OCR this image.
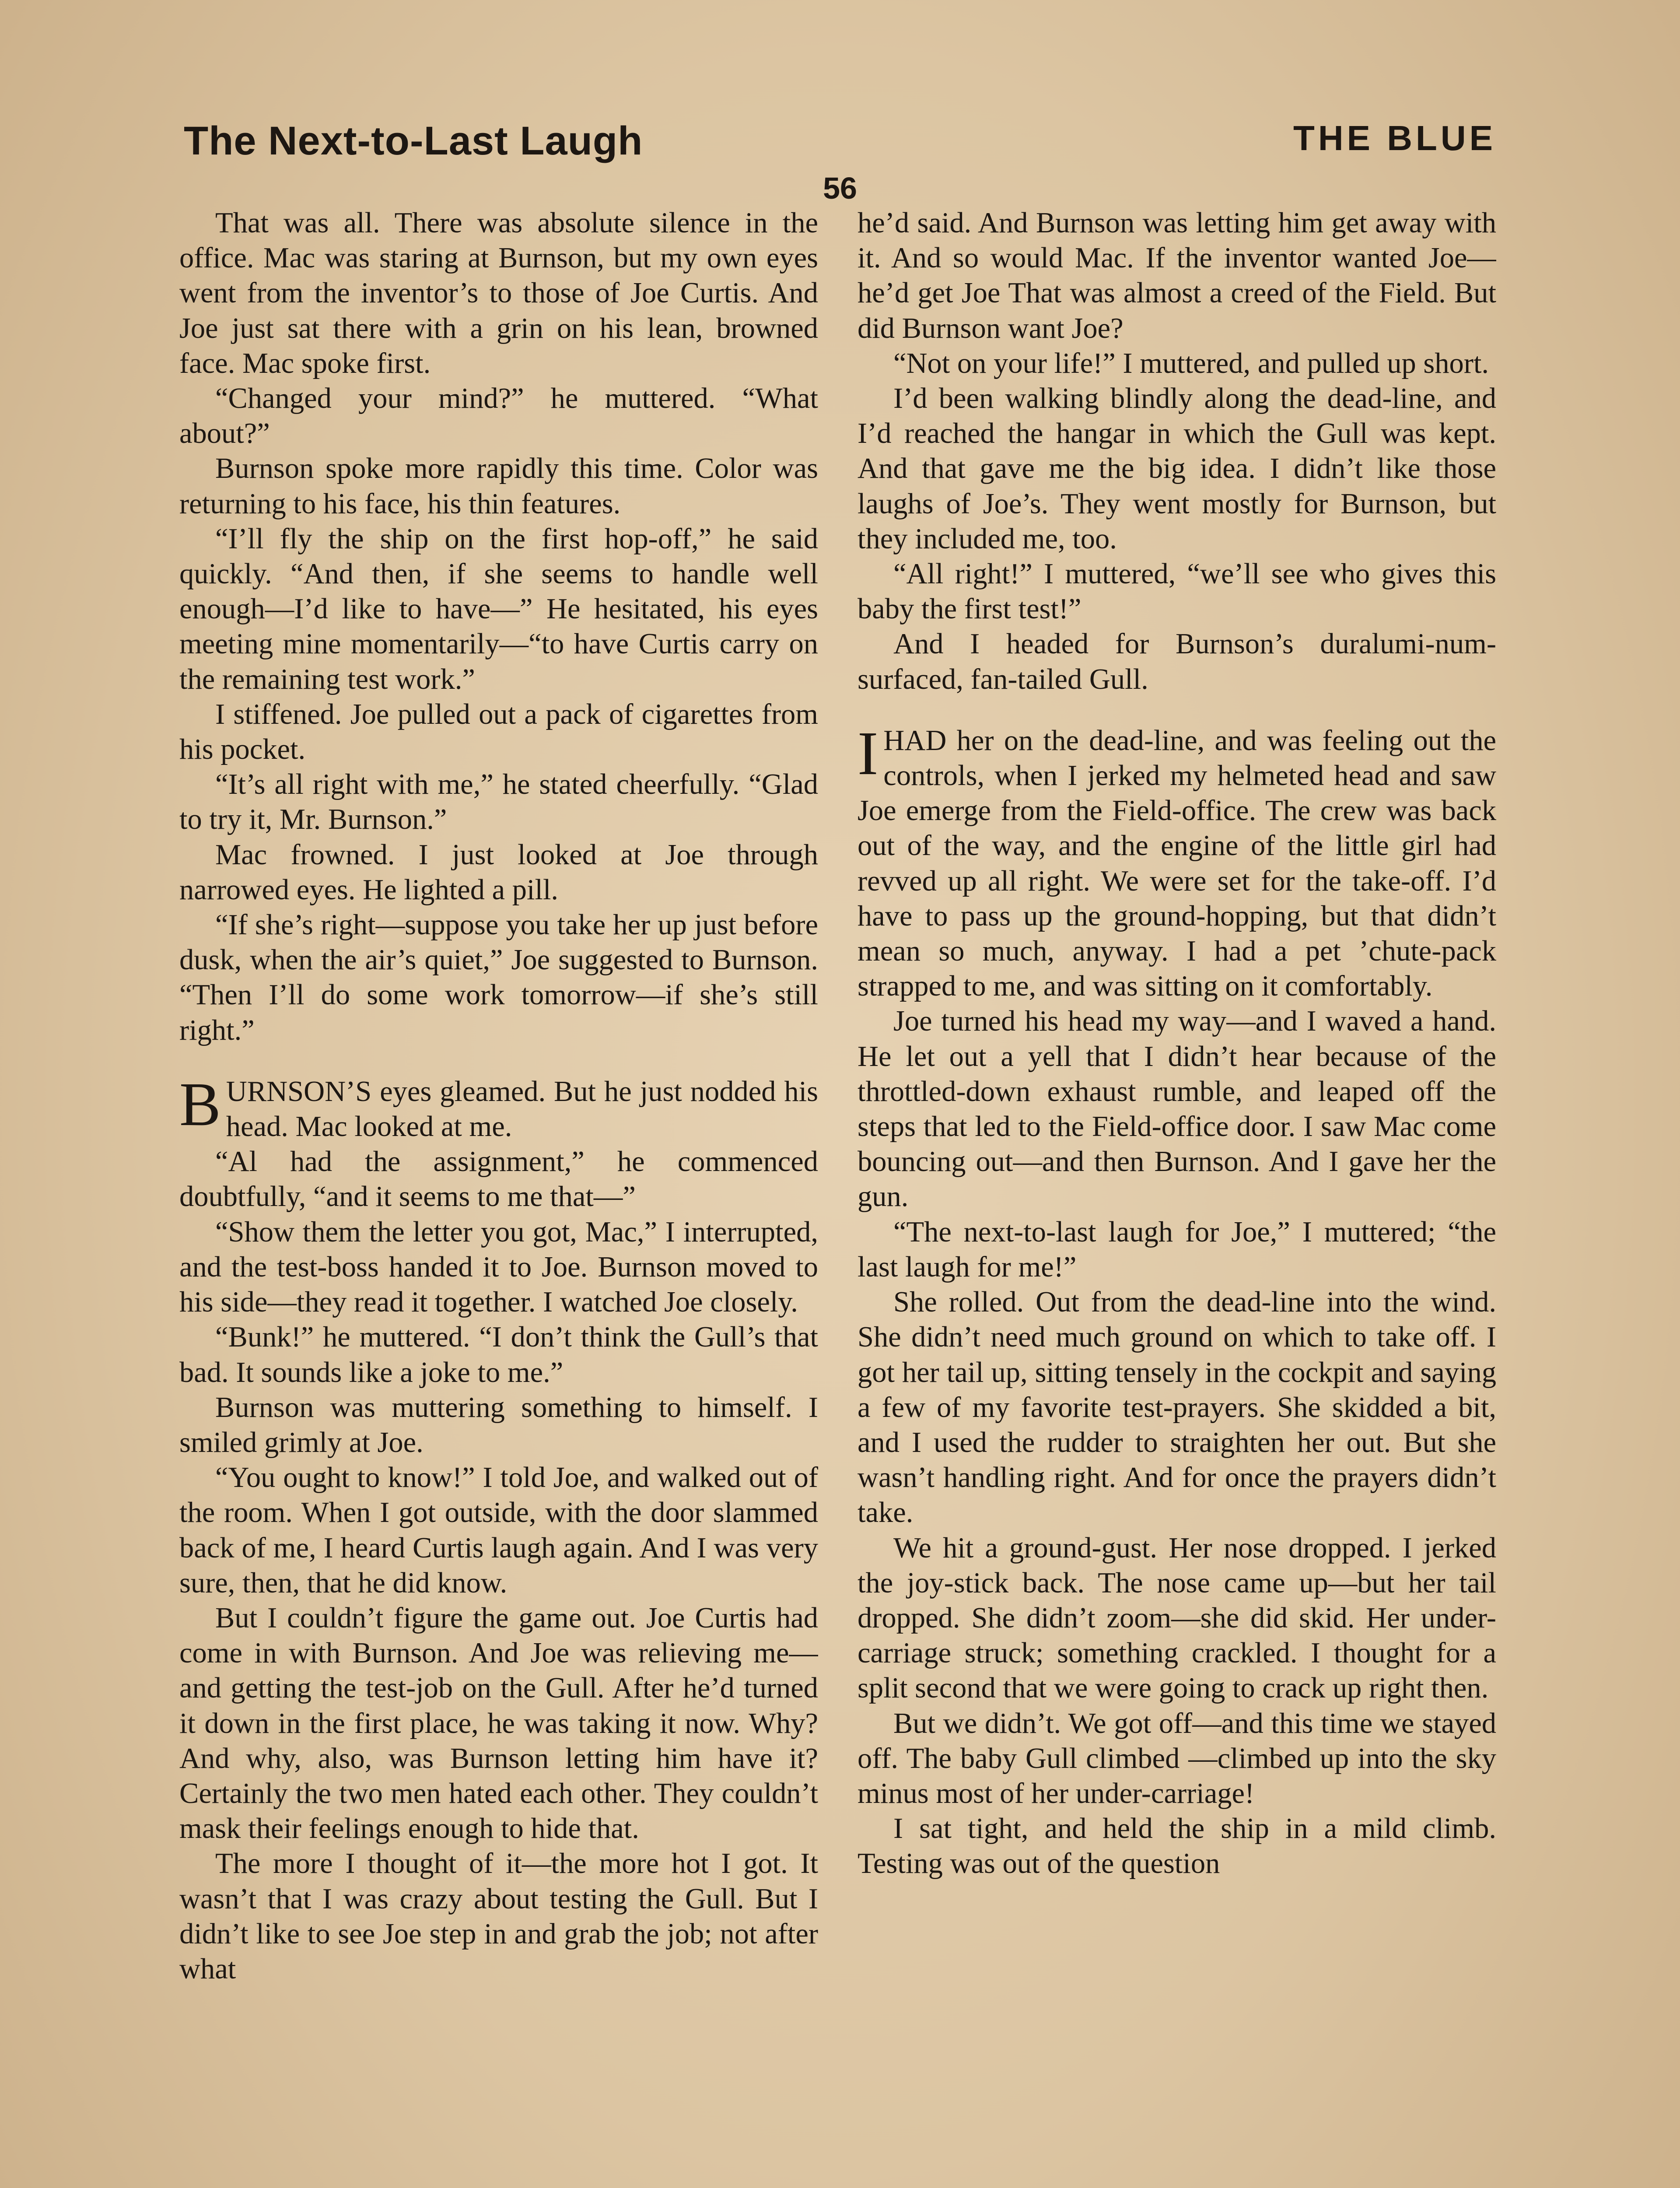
The Next-to-Last Laugh
56
THE BLUE

That was all. There was absolute silence in the office. Mac was staring at Burnson, but my own eyes went from the inventor’s to those of Joe Curtis. And Joe just sat there with a grin on his lean, browned face. Mac spoke first.

“Changed your mind?” he muttered. “What about?”

Burnson spoke more rapidly this time. Color was returning to his face, his thin features.

“I’ll fly the ship on the first hop-off,” he said quickly. “And then, if she seems to handle well enough—I’d like to have—” He hesitated, his eyes meeting mine momentarily—“to have Curtis carry on the remaining test work.”

I stiffened. Joe pulled out a pack of cigarettes from his pocket.

“It’s all right with me,” he stated cheerfully. “Glad to try it, Mr. Burnson.”

Mac frowned. I just looked at Joe through narrowed eyes. He lighted a pill.

“If she’s right—suppose you take her up just before dusk, when the air’s quiet,” Joe suggested to Burnson. “Then I’ll do some work tomorrow—if she’s still right.”

BURNSON’S eyes gleamed. But he just nodded his head. Mac looked at me.

“Al had the assignment,” he commenced doubtfully, “and it seems to me that—”

“Show them the letter you got, Mac,” I interrupted, and the test-boss handed it to Joe. Burnson moved to his side—they read it together. I watched Joe closely.

“Bunk!” he muttered. “I don’t think the Gull’s that bad. It sounds like a joke to me.”

Burnson was muttering something to himself. I smiled grimly at Joe.

“You ought to know!” I told Joe, and walked out of the room. When I got outside, with the door slammed back of me, I heard Curtis laugh again. And I was very sure, then, that he did know.

But I couldn’t figure the game out. Joe Curtis had come in with Burnson. And Joe was relieving me—and getting the test-job on the Gull. After he’d turned it down in the first place, he was taking it now. Why? And why, also, was Burnson letting him have it? Certainly the two men hated each other. They couldn’t mask their feelings enough to hide that.

The more I thought of it—the more hot I got. It wasn’t that I was crazy about testing the Gull. But I didn’t like to see Joe step in and grab the job; not after what

he’d said. And Burnson was letting him get away with it. And so would Mac. If the inventor wanted Joe—he’d get Joe That was almost a creed of the Field. But did Burnson want Joe?

“Not on your life!” I muttered, and pulled up short.

I’d been walking blindly along the dead-line, and I’d reached the hangar in which the Gull was kept. And that gave me the big idea. I didn’t like those laughs of Joe’s. They went mostly for Burnson, but they included me, too.

“All right!” I muttered, “we’ll see who gives this baby the first test!”

And I headed for Burnson’s duralumi-num-surfaced, fan-tailed Gull.

IHAD her on the dead-line, and was feeling out the controls, when I jerked my helmeted head and saw Joe emerge from the Field-office. The crew was back out of the way, and the engine of the little girl had revved up all right. We were set for the take-off. I’d have to pass up the ground-hopping, but that didn’t mean so much, anyway. I had a pet ’chute-pack strapped to me, and was sitting on it comfortably.

Joe turned his head my way—and I waved a hand. He let out a yell that I didn’t hear because of the throttled-down exhaust rumble, and leaped off the steps that led to the Field-office door. I saw Mac come bouncing out—and then Burnson. And I gave her the gun.

“The next-to-last laugh for Joe,” I muttered; “the last laugh for me!”

She rolled. Out from the dead-line into the wind. She didn’t need much ground on which to take off. I got her tail up, sitting tensely in the cockpit and saying a few of my favorite test-prayers. She skidded a bit, and I used the rudder to straighten her out. But she wasn’t handling right. And for once the prayers didn’t take.

We hit a ground-gust. Her nose dropped. I jerked the joy-stick back. The nose came up—but her tail dropped. She didn’t zoom—she did skid. Her under-carriage struck; something crackled. I thought for a split second that we were going to crack up right then.

But we didn’t. We got off—and this time we stayed off. The baby Gull climbed —climbed up into the sky minus most of her under-carriage!

I sat tight, and held the ship in a mild climb. Testing was out of the question
